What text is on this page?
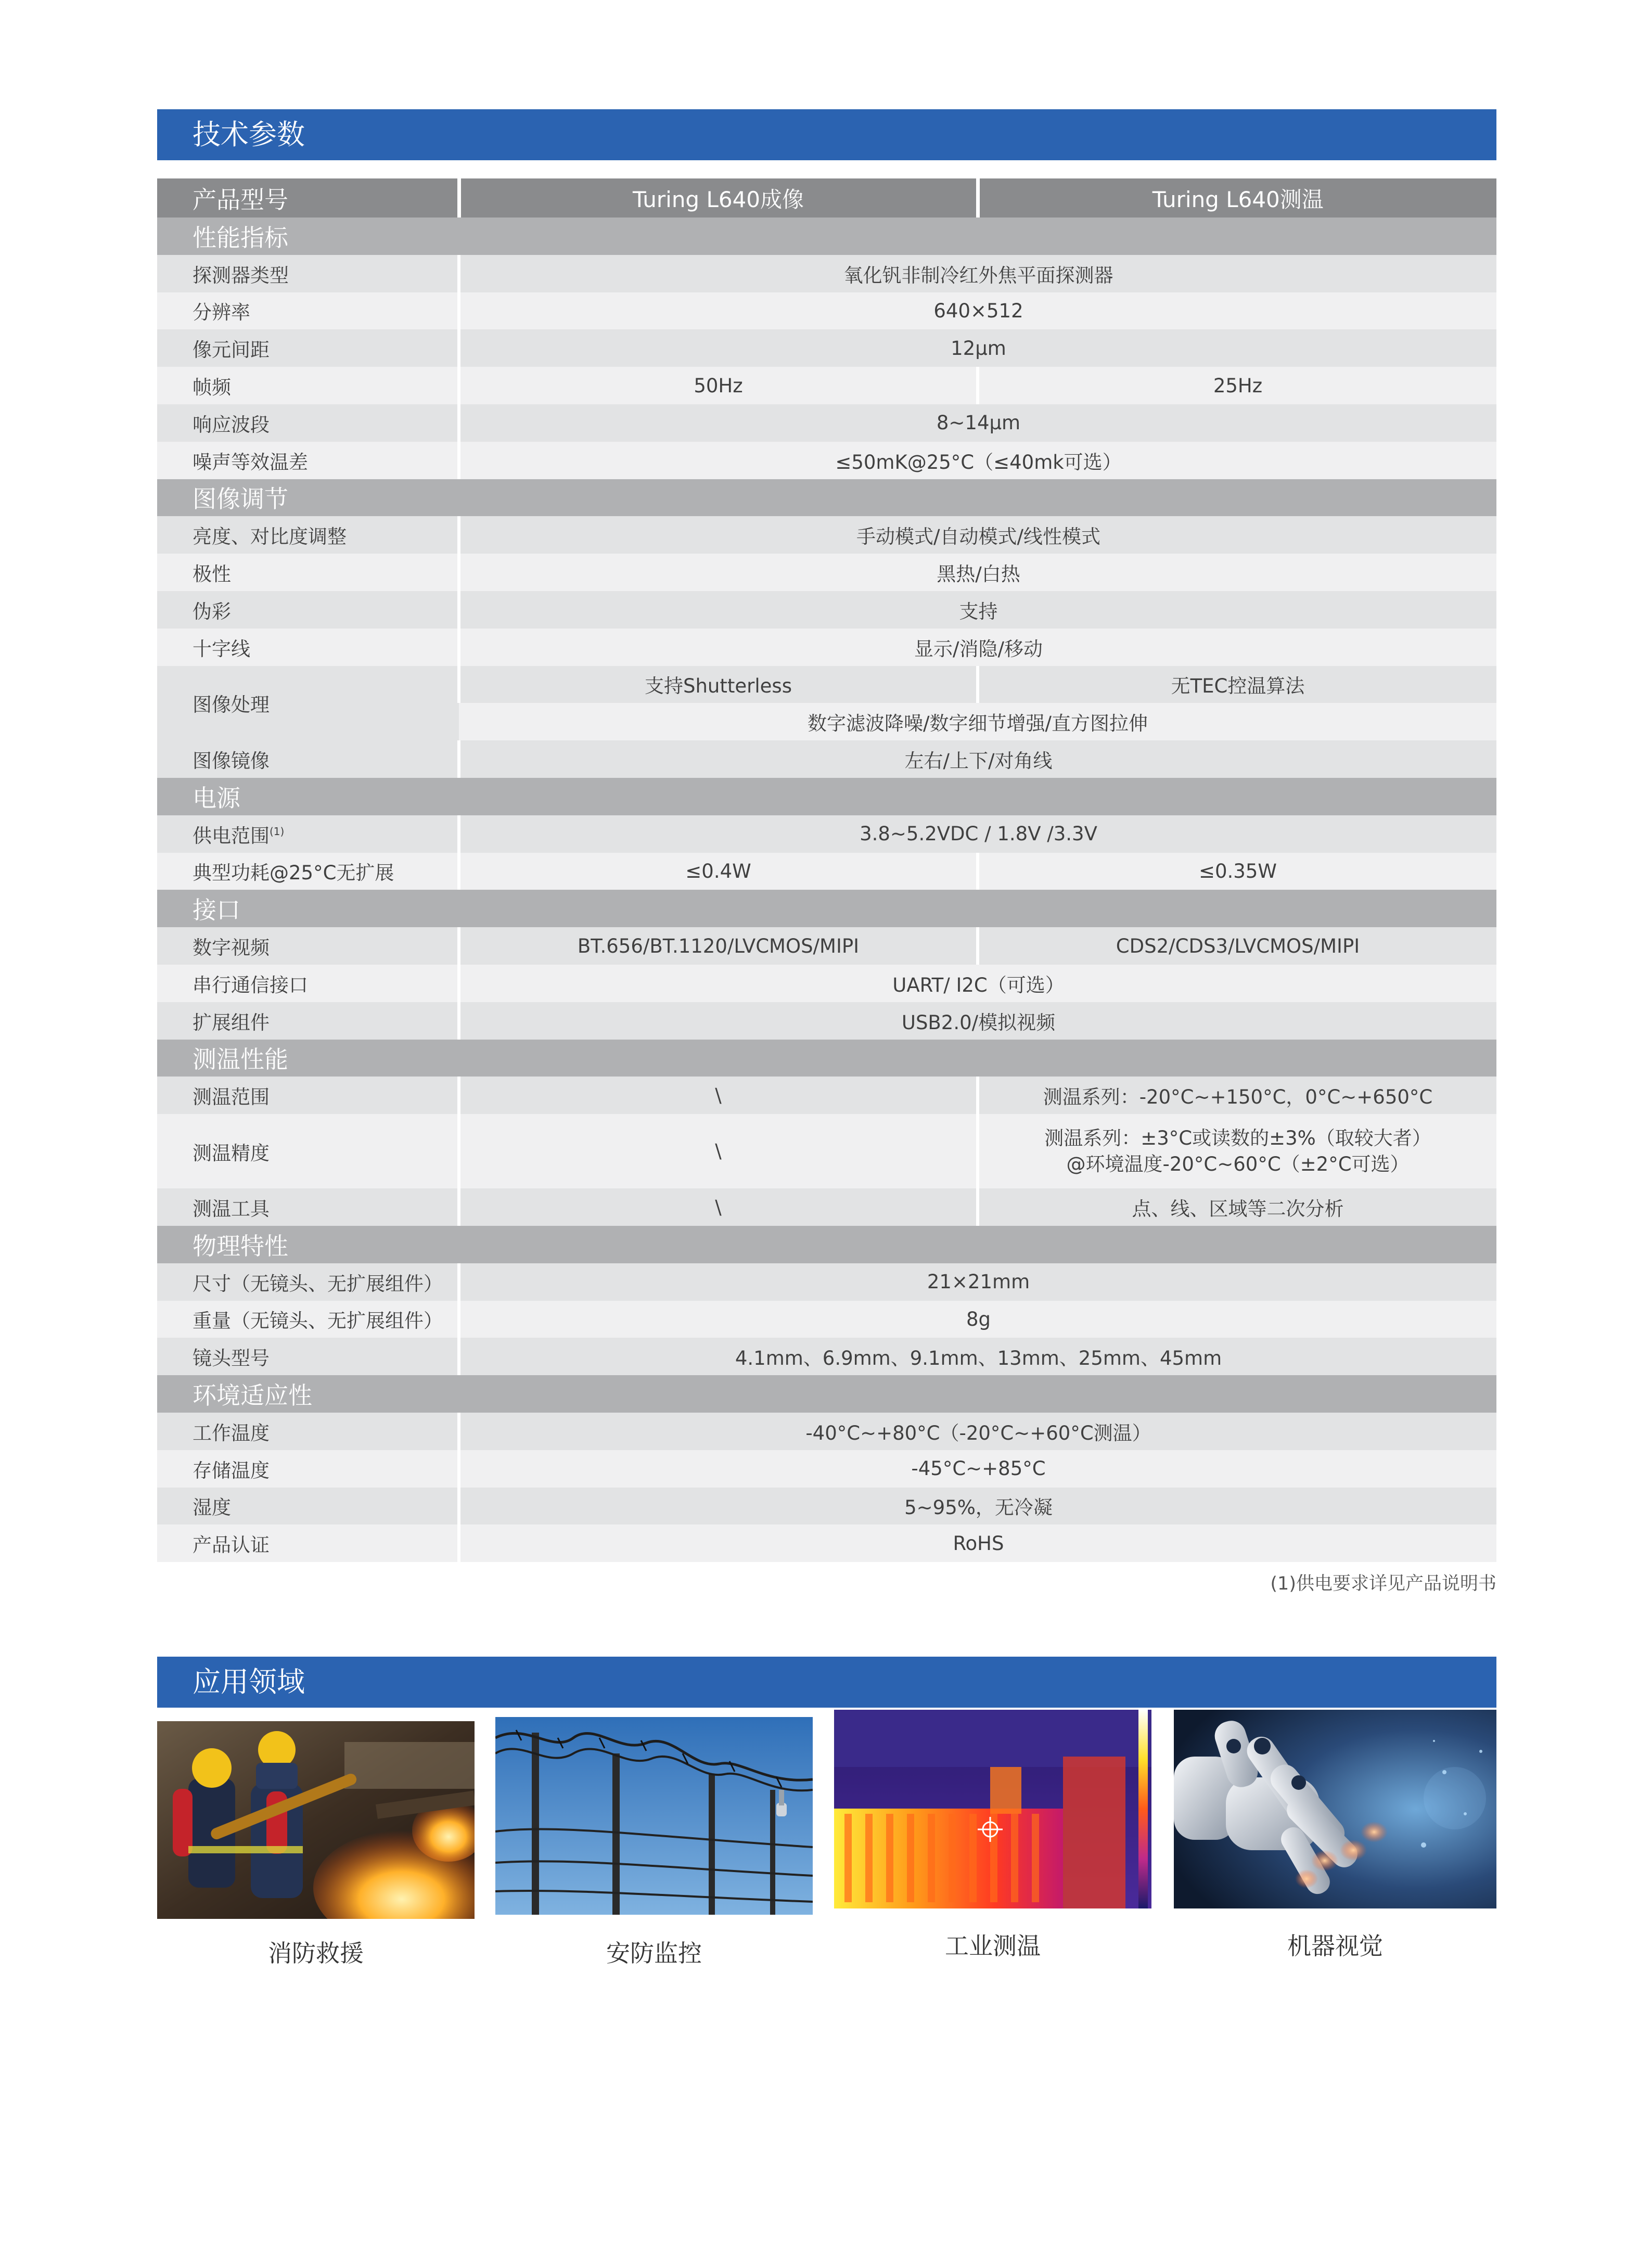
技术参数
产品型号	Turing L640成像	Turing L640测温
性能指标		
探测器类型	氧化钒非制冷红外焦平面探测器	
分辨率	640×512	
像元间距	12μm	
帧频	50Hz	25Hz
响应波段	8~14μm	
噪声等效温差	≤50mK@25°C（≤40mk可选）	
图像调节		
亮度、对比度调整	手动模式/自动模式/线性模式	
极性	黑热/白热	
伪彩	支持	
十字线	显示/消隐/移动	
图像处理	支持Shutterless	无TEC控温算法
	数字滤波降噪/数字细节增强/直方图拉伸	
图像镜像	左右/上下/对角线	
电源		
供电范围$^{(1)}$	3.8~5.2VDC / 1.8V /3.3V	
典型功耗@25°C无扩展	≤0.4W	≤0.35W
接口		
数字视频	BT.656/BT.1120/LVCMOS/MIPI	CDS2/CDS3/LVCMOS/MIPI
串行通信接口	UART/ I2C（可选）	
扩展组件	USB2.0/模拟视频	
测温性能		
测温范围	\	测温系列：-20°C~+150°C，0°C~+650°C
测温精度	\	测温系列：±3°C或读数的±3%（取较大者）
@环境温度-20°C~60°C（±2°C可选）

测温工具	\	点、线、区域等二次分析
物理特性		
尺寸（无镜头、无扩展组件）	21×21mm	
重量（无镜头、无扩展组件）	8g	
镜头型号	4.1mm、6.9mm、9.1mm、13mm、25mm、45mm	
环境适应性		
工作温度	-40°C~+80°C（-20°C~+60°C测温）	
存储温度	-45°C~+85°C	
湿度	5~95%，无冷凝	
产品认证	RoHS	
(1)供电要求详见产品说明书
应用领域
消防救援	安防监控	工业测温	机器视觉
